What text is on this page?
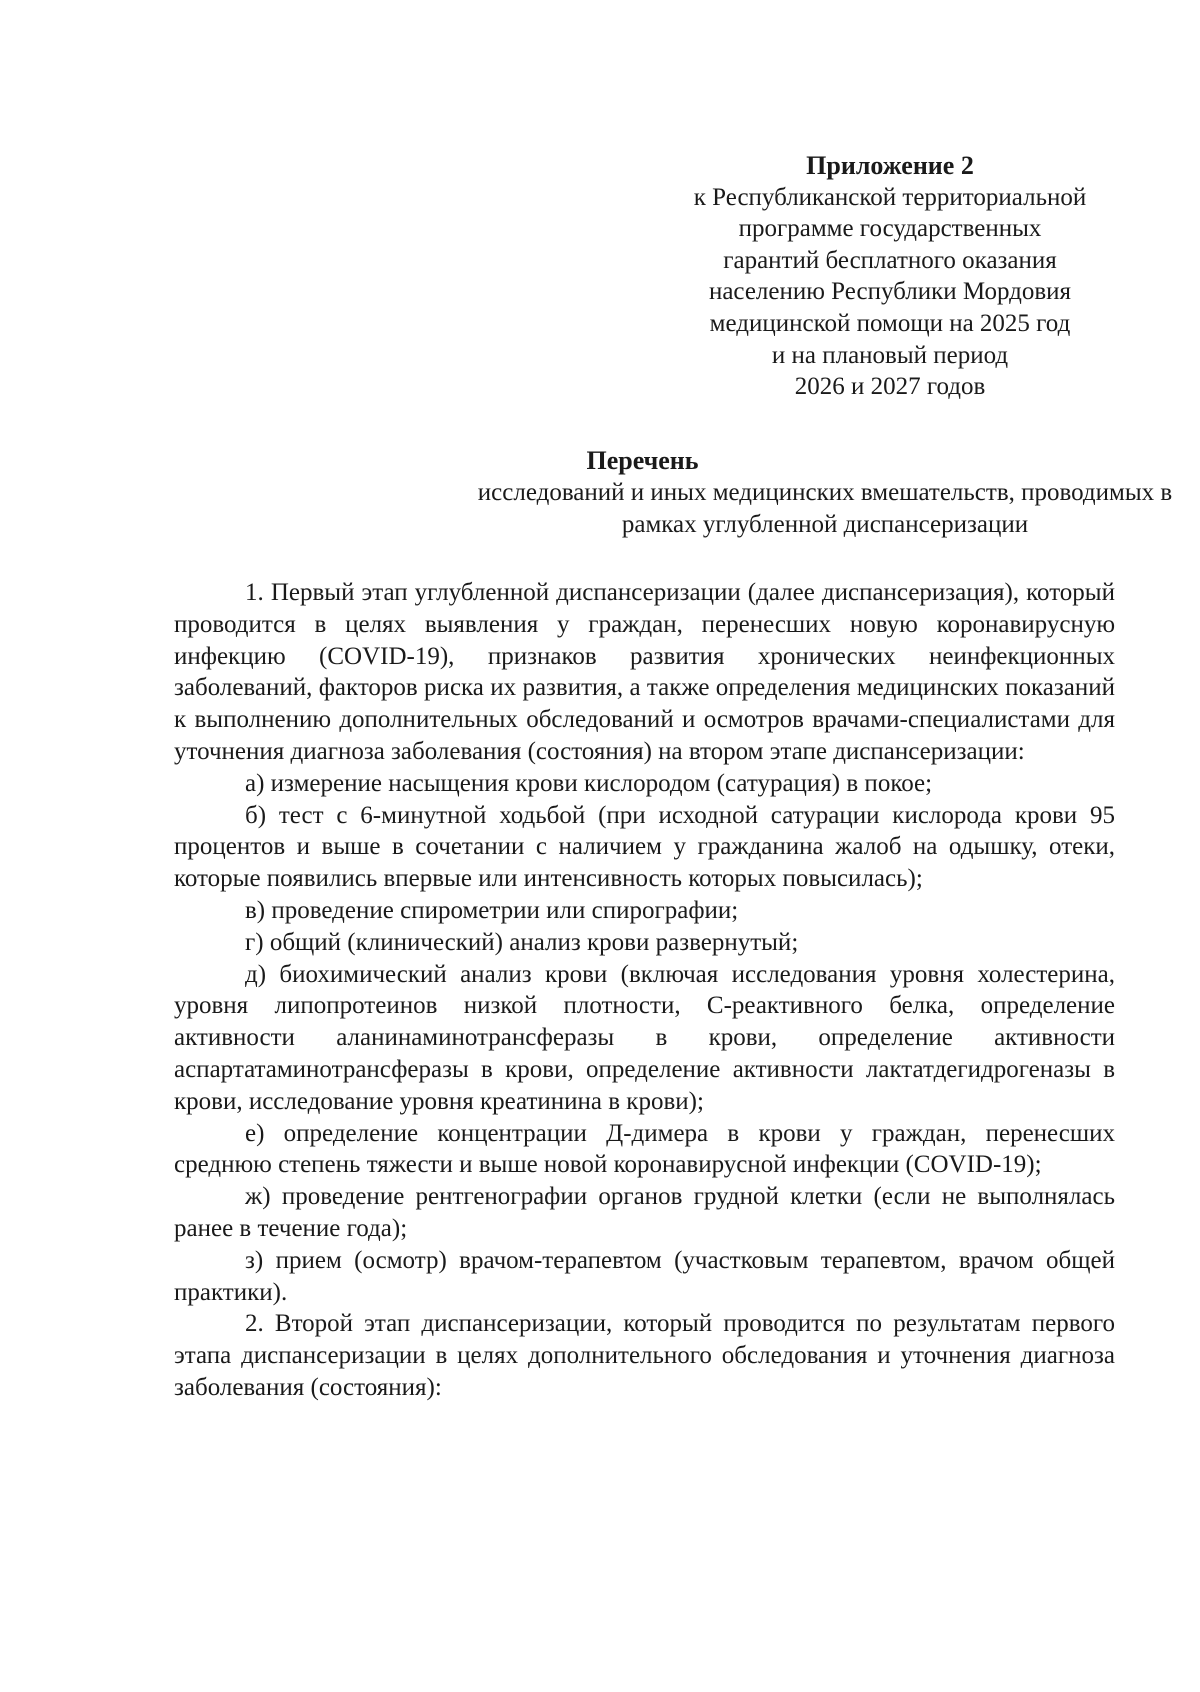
Приложение 2
к Республиканской территориальной
программе государственных
гарантий бесплатного оказания
населению Республики Мордовия
медицинской помощи на 2025 год
и на плановый период
2026 и 2027 годов
Перечень
исследований и иных медицинских вмешательств, проводимых в рамках углубленной диспансеризации

1. Первый этап углубленной диспансеризации (далее диспансеризация), который проводится в целях выявления у граждан, перенесших новую коронавирусную инфекцию (COVID-19), признаков развития хронических неинфекционных заболеваний, факторов риска их развития, а также определения медицинских показаний к выполнению дополнительных обследований и осмотров врачами-специалистами для уточнения диагноза заболевания (состояния) на втором этапе диспансеризации:

а) измерение насыщения крови кислородом (сатурация) в покое;

б) тест с 6-минутной ходьбой (при исходной сатурации кислорода крови 95 процентов и выше в сочетании с наличием у гражданина жалоб на одышку, отеки, которые появились впервые или интенсивность которых повысилась);

в) проведение спирометрии или спирографии;

г) общий (клинический) анализ крови развернутый;

д) биохимический анализ крови (включая исследования уровня холестерина, уровня липопротеинов низкой плотности, С-реактивного белка, определение активности аланинаминотрансферазы в крови, определение активности аспартатаминотрансферазы в крови, определение активности лактатдегидрогеназы в крови, исследование уровня креатинина в крови);

е) определение концентрации Д-димера в крови у граждан, перенесших среднюю степень тяжести и выше новой коронавирусной инфекции (COVID-19);

ж) проведение рентгенографии органов грудной клетки (если не выполнялась ранее в течение года);

з) прием (осмотр) врачом-терапевтом (участковым терапевтом, врачом общей практики).

2. Второй этап диспансеризации, который проводится по результатам первого этапа диспансеризации в целях дополнительного обследования и уточнения диагноза заболевания (состояния):
